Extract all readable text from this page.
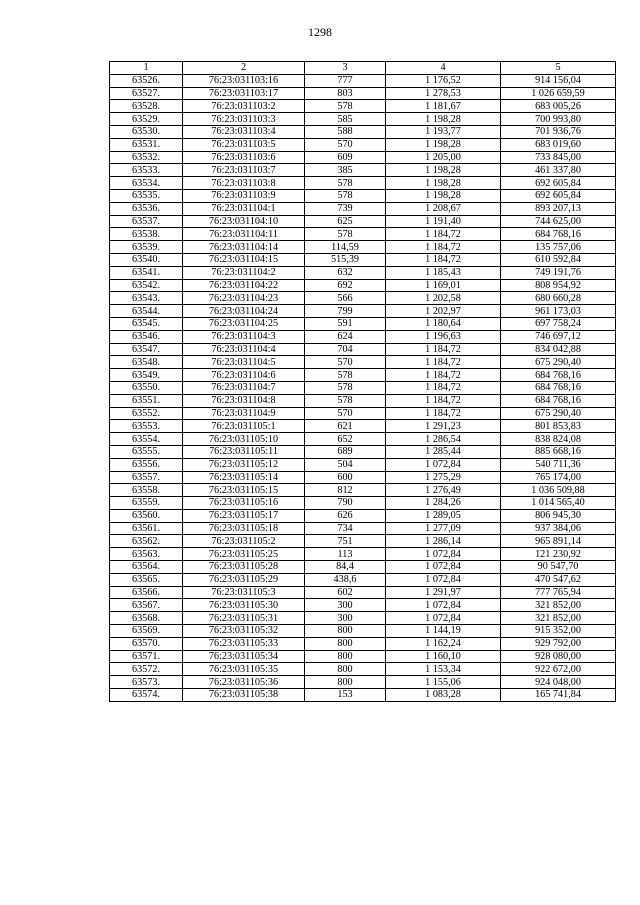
1298
1	2	3	4	5
63526.	76:23:031103:16	777	1 176,52	914 156,04
63527.	76:23:031103:17	803	1 278,53	1 026 659,59
63528.	76:23:031103:2	578	1 181,67	683 005,26
63529.	76:23:031103:3	585	1 198,28	700 993,80
63530.	76:23:031103:4	588	1 193,77	701 936,76
63531.	76:23:031103:5	570	1 198,28	683 019,60
63532.	76:23:031103:6	609	1 205,00	733 845,00
63533.	76:23:031103:7	385	1 198,28	461 337,80
63534.	76:23:031103:8	578	1 198,28	692 605,84
63535.	76:23:031103:9	578	1 198,28	692 605,84
63536.	76:23:031104:1	739	1 208,67	893 207,13
63537.	76:23:031104:10	625	1 191,40	744 625,00
63538.	76:23:031104:11	578	1 184,72	684 768,16
63539.	76:23:031104:14	114,59	1 184,72	135 757,06
63540.	76:23:031104:15	515,39	1 184,72	610 592,84
63541.	76:23:031104:2	632	1 185,43	749 191,76
63542.	76:23:031104:22	692	1 169,01	808 954,92
63543.	76:23:031104:23	566	1 202,58	680 660,28
63544.	76:23:031104:24	799	1 202,97	961 173,03
63545.	76:23:031104:25	591	1 180,64	697 758,24
63546.	76:23:031104:3	624	1 196,63	746 697,12
63547.	76:23:031104:4	704	1 184,72	834 042,88
63548.	76:23:031104:5	570	1 184,72	675 290,40
63549.	76:23:031104:6	578	1 184,72	684 768,16
63550.	76:23:031104:7	578	1 184,72	684 768,16
63551.	76:23:031104:8	578	1 184,72	684 768,16
63552.	76:23:031104:9	570	1 184,72	675 290,40
63553.	76:23:031105:1	621	1 291,23	801 853,83
63554.	76:23:031105:10	652	1 286,54	838 824,08
63555.	76:23:031105:11	689	1 285,44	885 668,16
63556.	76:23:031105:12	504	1 072,84	540 711,36
63557.	76:23:031105:14	600	1 275,29	765 174,00
63558.	76:23:031105:15	812	1 276,49	1 036 509,88
63559.	76:23:031105:16	790	1 284,26	1 014 565,40
63560.	76:23:031105:17	626	1 289,05	806 945,30
63561.	76:23:031105:18	734	1 277,09	937 384,06
63562.	76:23:031105:2	751	1 286,14	965 891,14
63563.	76:23:031105:25	113	1 072,84	121 230,92
63564.	76:23:031105:28	84,4	1 072,84	90 547,70
63565.	76:23:031105:29	438,6	1 072,84	470 547,62
63566.	76:23:031105:3	602	1 291,97	777 765,94
63567.	76:23:031105:30	300	1 072,84	321 852,00
63568.	76:23:031105:31	300	1 072,84	321 852,00
63569.	76:23:031105:32	800	1 144,19	915 352,00
63570.	76:23:031105:33	800	1 162,24	929 792,00
63571.	76:23:031105:34	800	1 160,10	928 080,00
63572.	76:23:031105:35	800	1 153,34	922 672,00
63573.	76:23:031105:36	800	1 155,06	924 048,00
63574.	76:23:031105:38	153	1 083,28	165 741,84
